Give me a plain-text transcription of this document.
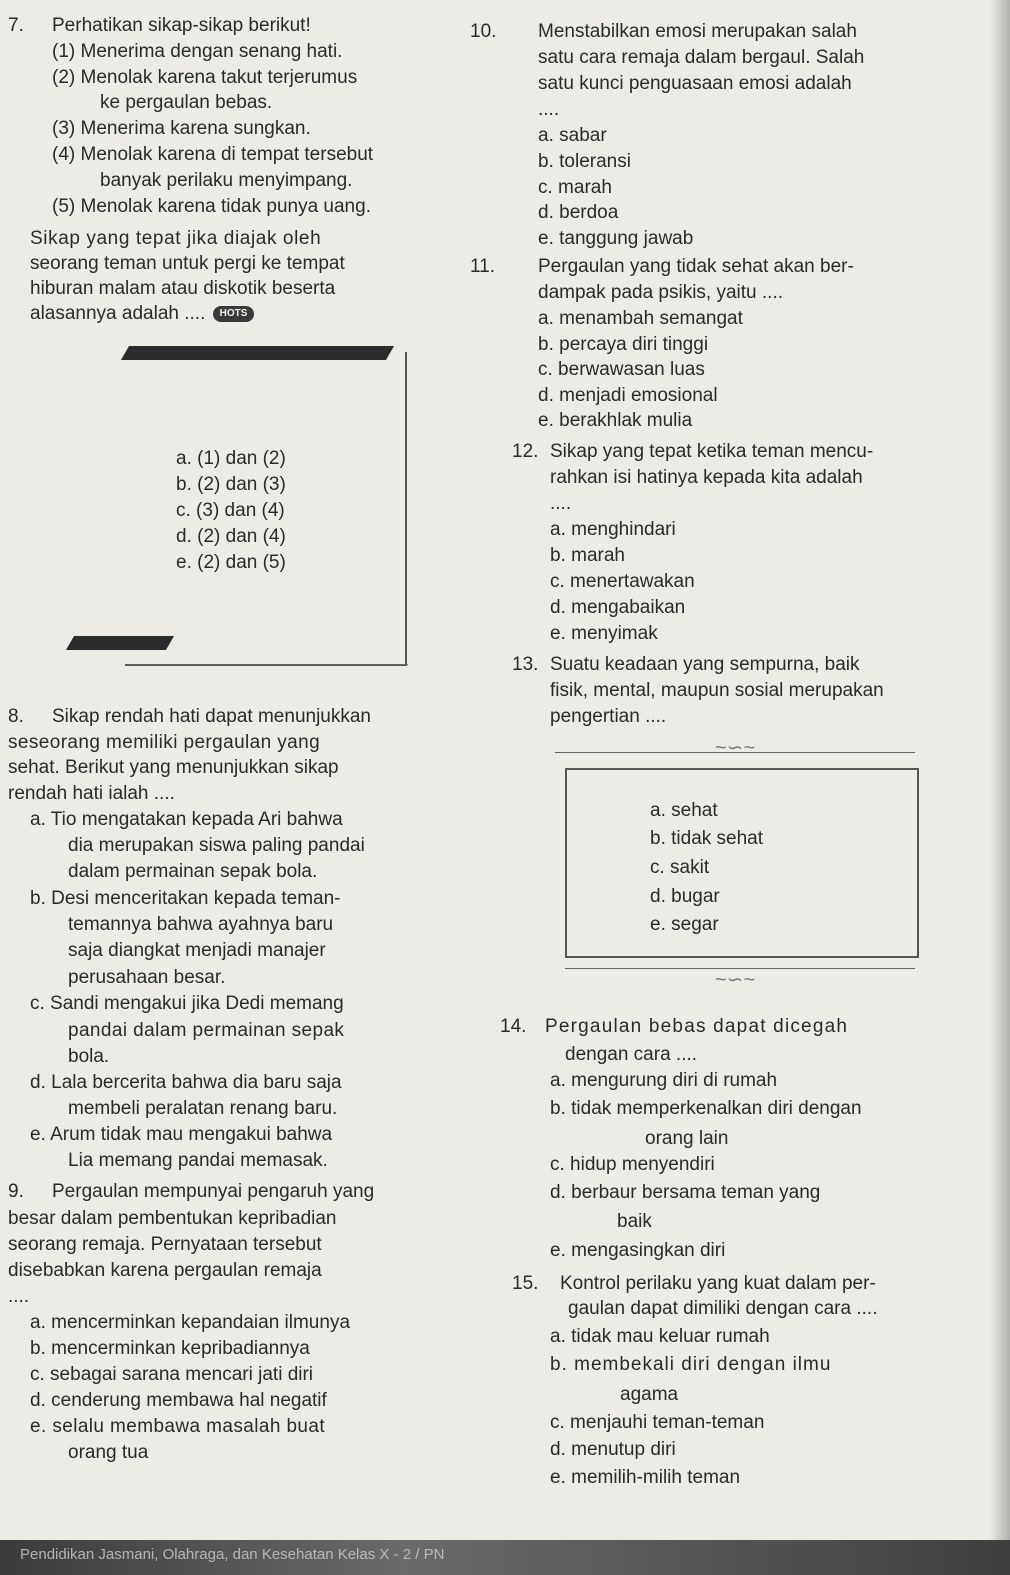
7. Perhatikan sikap-sikap berikut!
(1) Menerima dengan senang hati.
(2) Menolak karena takut terjerumus
ke pergaulan bebas.
(3) Menerima karena sungkan.
(4) Menolak karena di tempat tersebut
banyak perilaku menyimpang.
(5) Menolak karena tidak punya uang.
Sikap yang tepat jika diajak oleh
seorang teman untuk pergi ke tempat
hiburan malam atau diskotik beserta
alasannya adalah .... HOTS
a. (1) dan (2)
b. (2) dan (3)
c. (3) dan (4)
d. (2) dan (4)
e. (2) dan (5)
8. Sikap rendah hati dapat menunjukkan
seseorang memiliki pergaulan yang
sehat. Berikut yang menunjukkan sikap
rendah hati ialah ....
a. Tio mengatakan kepada Ari bahwa
dia merupakan siswa paling pandai
dalam permainan sepak bola.
b. Desi menceritakan kepada teman-
temannya bahwa ayahnya baru
saja diangkat menjadi manajer
perusahaan besar.
c. Sandi mengakui jika Dedi memang
pandai dalam permainan sepak
bola.
d. Lala bercerita bahwa dia baru saja
membeli peralatan renang baru.
e. Arum tidak mau mengakui bahwa
Lia memang pandai memasak.
9. Pergaulan mempunyai pengaruh yang
besar dalam pembentukan kepribadian
seorang remaja. Pernyataan tersebut
disebabkan karena pergaulan remaja
....
a. mencerminkan kepandaian ilmunya
b. mencerminkan kepribadiannya
c. sebagai sarana mencari jati diri
d. cenderung membawa hal negatif
e. selalu membawa masalah buat
orang tua
10. Menstabilkan emosi merupakan salah
satu cara remaja dalam bergaul. Salah
satu kunci penguasaan emosi adalah
....
a. sabar
b. toleransi
c. marah
d. berdoa
e. tanggung jawab
11. Pergaulan yang tidak sehat akan ber-
dampak pada psikis, yaitu ....
a. menambah semangat
b. percaya diri tinggi
c. berwawasan luas
d. menjadi emosional
e. berakhlak mulia
12. Sikap yang tepat ketika teman mencu-
rahkan isi hatinya kepada kita adalah
....
a. menghindari
b. marah
c. menertawakan
d. mengabaikan
e. menyimak
13. Suatu keadaan yang sempurna, baik
fisik, mental, maupun sosial merupakan
pengertian ....
~∽~
~∽~
a. sehat
b. tidak sehat
c. sakit
d. bugar
e. segar
14. Pergaulan bebas dapat dicegah
dengan cara ....
a. mengurung diri di rumah
b. tidak memperkenalkan diri dengan
orang lain
c. hidup menyendiri
d. berbaur bersama teman yang
baik
e. mengasingkan diri
15. Kontrol perilaku yang kuat dalam per-
gaulan dapat dimiliki dengan cara ....
a. tidak mau keluar rumah
b. membekali diri dengan ilmu
agama
c. menjauhi teman-teman
d. menutup diri
e. memilih-milih teman
Pendidikan Jasmani, Olahraga, dan Kesehatan Kelas X - 2 / PN
